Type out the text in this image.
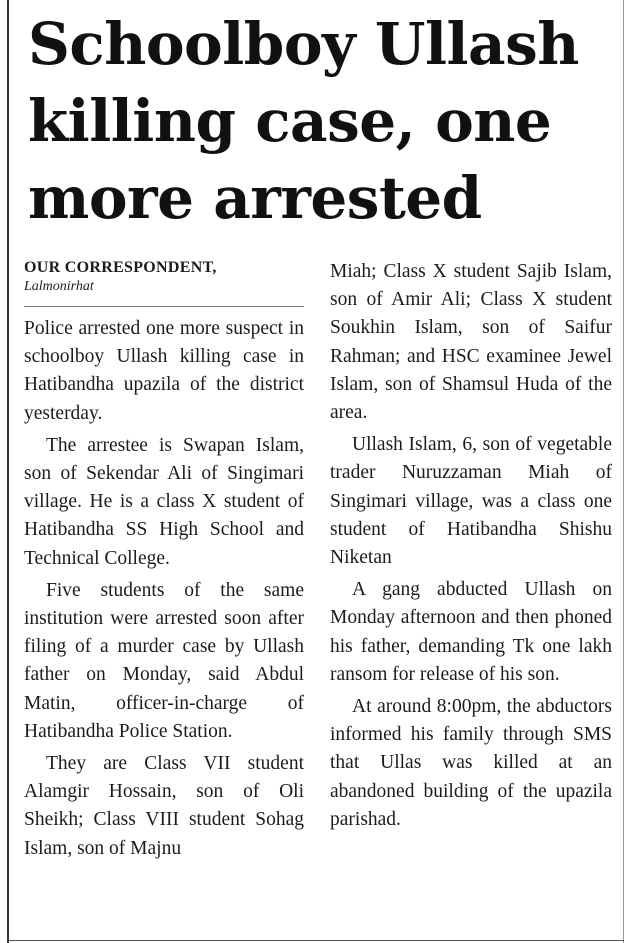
Schoolboy Ullash killing case, one more arrested
OUR CORRESPONDENT,
Lalmonirhat

Police arrested one more suspect in schoolboy Ullash killing case in Hatibandha upazila of the district yesterday.

The arrestee is Swapan Islam, son of Sekendar Ali of Singimari village. He is a class X student of Hatibandha SS High School and Technical College.

Five students of the same institution were arrested soon after filing of a murder case by Ullash father on Monday, said Abdul Matin, officer-in-charge of Hatibandha Police Station.

They are Class VII student Alamgir Hossain, son of Oli Sheikh; Class VIII student Sohag Islam, son of Majnu

Miah; Class X student Sajib Islam, son of Amir Ali; Class X student Soukhin Islam, son of Saifur Rahman; and HSC examinee Jewel Islam, son of Shamsul Huda of the area.

Ullash Islam, 6, son of vegetable trader Nuruzzaman Miah of Singimari village, was a class one student of Hatibandha Shishu Niketan

A gang abducted Ullash on Monday afternoon and then phoned his father, demanding Tk one lakh ransom for release of his son.

At around 8:00pm, the abductors informed his family through SMS that Ullas was killed at an abandoned building of the upazila parishad.
